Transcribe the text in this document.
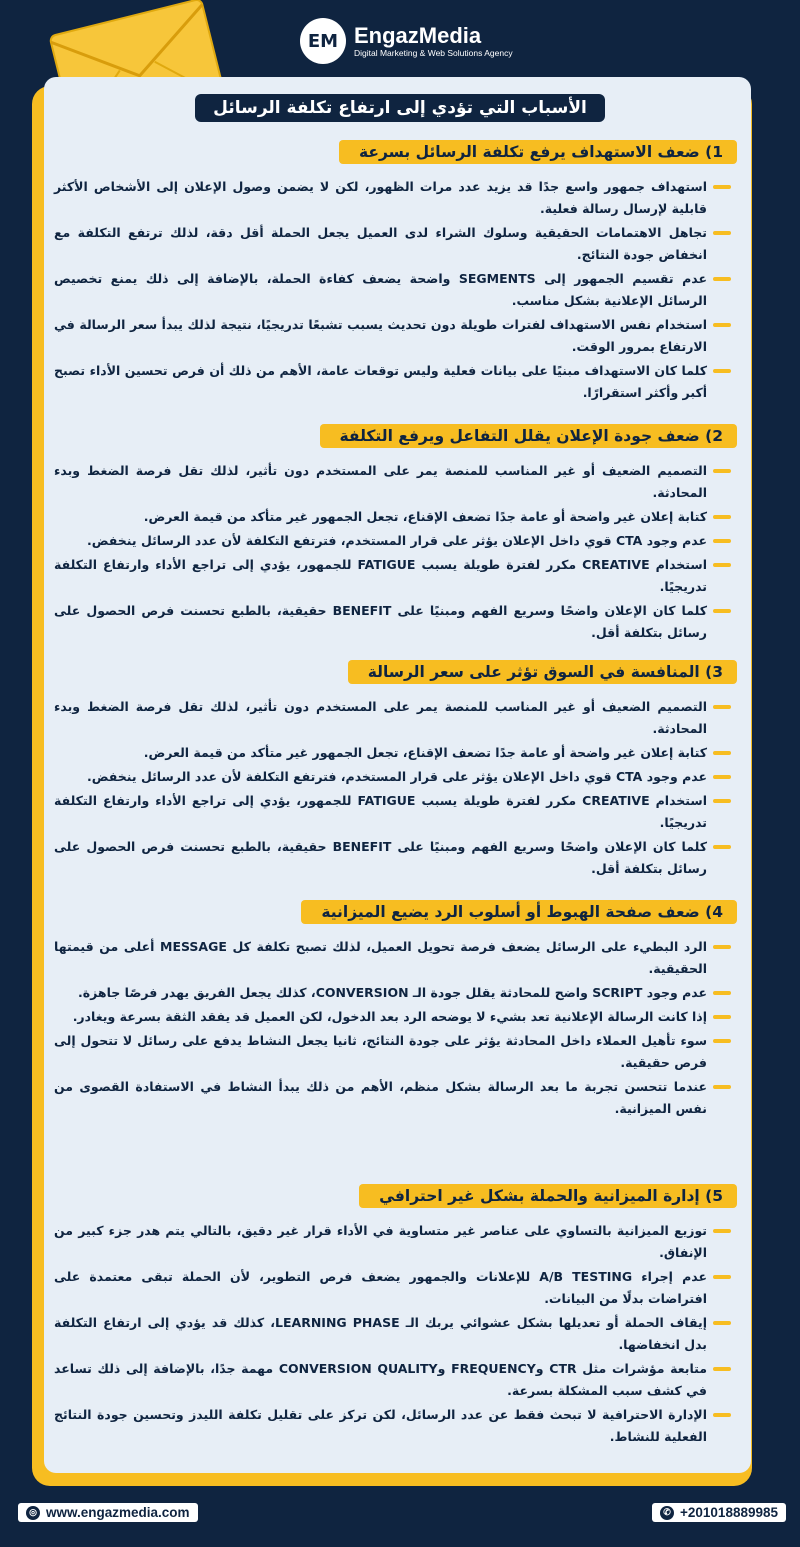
EM EngazMedia
Digital Marketing & Web Solutions Agency
الأسباب التي تؤدي إلى ارتفاع تكلفة الرسائل
1) ضعف الاستهداف يرفع تكلفة الرسائل بسرعة
استهداف جمهور واسع جدًا قد يزيد عدد مرات الظهور، لكن لا يضمن وصول الإعلان إلى الأشخاص الأكثر قابلية لإرسال رسالة فعلية.
تجاهل الاهتمامات الحقيقية وسلوك الشراء لدى العميل يجعل الحملة أقل دقة، لذلك ترتفع التكلفة مع انخفاض جودة النتائج.
عدم تقسيم الجمهور إلى SEGMENTS واضحة يضعف كفاءة الحملة، بالإضافة إلى ذلك يمنع تخصيص الرسائل الإعلانية بشكل مناسب.
استخدام نفس الاستهداف لفترات طويلة دون تحديث يسبب تشبعًا تدريجيًا، نتيجة لذلك يبدأ سعر الرسالة في الارتفاع بمرور الوقت.
كلما كان الاستهداف مبنيًا على بيانات فعلية وليس توقعات عامة، الأهم من ذلك أن فرص تحسين الأداء تصبح أكبر وأكثر استقرارًا.
2) ضعف جودة الإعلان يقلل التفاعل ويرفع التكلفة
التصميم الضعيف أو غير المناسب للمنصة يمر على المستخدم دون تأثير، لذلك تقل فرصة الضغط وبدء المحادثة.
كتابة إعلان غير واضحة أو عامة جدًا تضعف الإقناع، تجعل الجمهور غير متأكد من قيمة العرض.
عدم وجود CTA قوي داخل الإعلان يؤثر على قرار المستخدم، فترتفع التكلفة لأن عدد الرسائل ينخفض.
استخدام CREATIVE مكرر لفترة طويلة يسبب FATIGUE للجمهور، يؤدي إلى تراجع الأداء وارتفاع التكلفة تدريجيًا.
كلما كان الإعلان واضحًا وسريع الفهم ومبنيًا على BENEFIT حقيقية، بالطبع تحسنت فرص الحصول على رسائل بتكلفة أقل.
3) المنافسة في السوق تؤثر على سعر الرسالة
التصميم الضعيف أو غير المناسب للمنصة يمر على المستخدم دون تأثير، لذلك تقل فرصة الضغط وبدء المحادثة.
كتابة إعلان غير واضحة أو عامة جدًا تضعف الإقناع، تجعل الجمهور غير متأكد من قيمة العرض.
عدم وجود CTA قوي داخل الإعلان يؤثر على قرار المستخدم، فترتفع التكلفة لأن عدد الرسائل ينخفض.
استخدام CREATIVE مكرر لفترة طويلة يسبب FATIGUE للجمهور، يؤدي إلى تراجع الأداء وارتفاع التكلفة تدريجيًا.
كلما كان الإعلان واضحًا وسريع الفهم ومبنيًا على BENEFIT حقيقية، بالطبع تحسنت فرص الحصول على رسائل بتكلفة أقل.
4) ضعف صفحة الهبوط أو أسلوب الرد يضيع الميزانية
الرد البطيء على الرسائل يضعف فرصة تحويل العميل، لذلك تصبح تكلفة كل MESSAGE أعلى من قيمتها الحقيقية.
عدم وجود SCRIPT واضح للمحادثة يقلل جودة الـ CONVERSION، كذلك يجعل الفريق يهدر فرصًا جاهزة.
إذا كانت الرسالة الإعلانية تعد بشيء لا يوضحه الرد بعد الدخول، لكن العميل قد يفقد الثقة بسرعة ويغادر.
سوء تأهيل العملاء داخل المحادثة يؤثر على جودة النتائج، ثانيا يجعل النشاط يدفع على رسائل لا تتحول إلى فرص حقيقية.
عندما تتحسن تجربة ما بعد الرسالة بشكل منظم، الأهم من ذلك يبدأ النشاط في الاستفادة القصوى من نفس الميزانية.
5) إدارة الميزانية والحملة بشكل غير احترافي
توزيع الميزانية بالتساوي على عناصر غير متساوية في الأداء قرار غير دقيق، بالتالي يتم هدر جزء كبير من الإنفاق.
عدم إجراء A/B TESTING للإعلانات والجمهور يضعف فرص التطوير، لأن الحملة تبقى معتمدة على افتراضات بدلًا من البيانات.
إيقاف الحملة أو تعديلها بشكل عشوائي يربك الـ LEARNING PHASE، كذلك قد يؤدي إلى ارتفاع التكلفة بدل انخفاضها.
متابعة مؤشرات مثل CTR وFREQUENCY وCONVERSION QUALITY مهمة جدًا، بالإضافة إلى ذلك تساعد في كشف سبب المشكلة بسرعة.
الإدارة الاحترافية لا تبحث فقط عن عدد الرسائل، لكن تركز على تقليل تكلفة الليدز وتحسين جودة النتائج الفعلية للنشاط.
◎ www.engazmedia.com	✆ +201018889985
